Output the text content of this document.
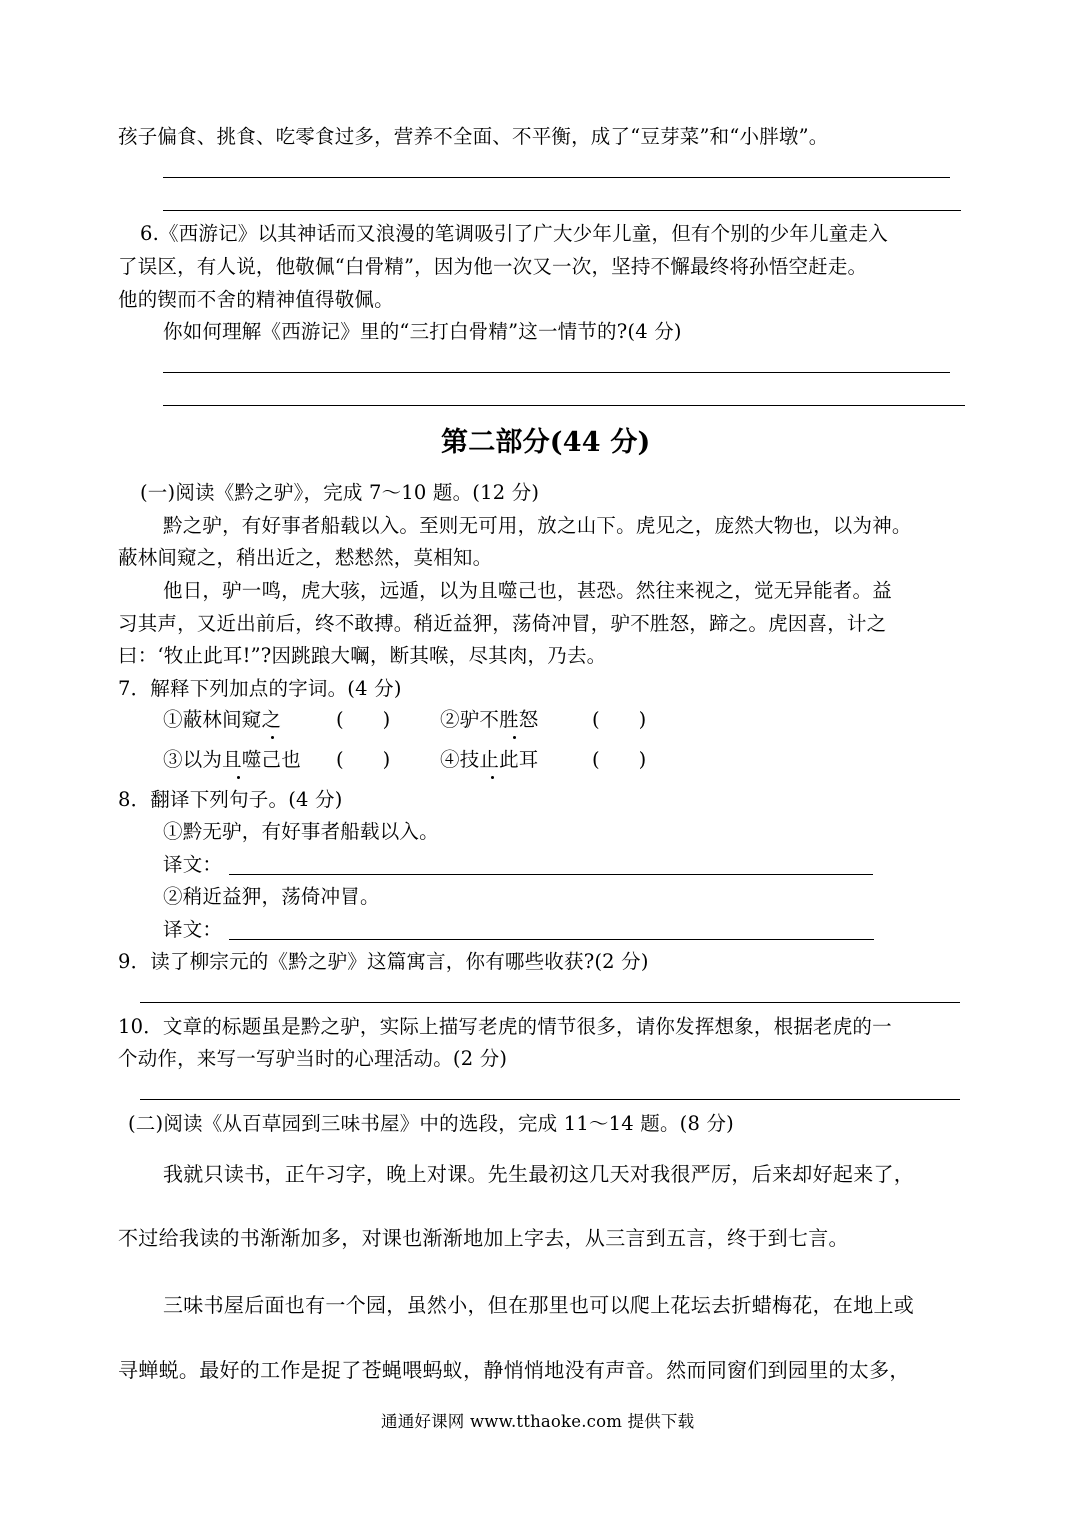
孩子偏食、挑食、吃零食过多，营养不全面、不平衡，成了“豆芽菜”和“小胖墩”。
6.《西游记》以其神话而又浪漫的笔调吸引了广大少年儿童，但有个别的少年儿童走入
了误区，有人说，他敬佩“白骨精”，因为他一次又一次，坚持不懈最终将孙悟空赶走。
他的锲而不舍的精神值得敬佩。
你如何理解《西游记》里的“三打白骨精”这一情节的?(4 分)
第二部分(44 分)
(一)阅读《黔之驴》，完成 7～10 题。(12 分)
黔之驴，有好事者船载以入。至则无可用，放之山下。虎见之，庞然大物也，以为神。
蔽林间窥之，稍出近之，慭慭然，莫相知。
他日，驴一鸣，虎大骇，远遁，以为且噬己也，甚恐。然往来视之，觉无异能者。益
习其声，又近出前后，终不敢搏。稍近益狎，荡倚冲冒，驴不胜怒，蹄之。虎因喜，计之
曰：‘牧止此耳!”?因跳踉大㘎，断其喉，尽其肉，乃去。
7．解释下列加点的字词。(4 分)
①蔽林间窥之	(　　)	②驴不胜怒	(　　)
③以为且噬己也 (　　)	④技止此耳	(　　)
8．翻译下列句子。(4 分)
①黔无驴，有好事者船载以入。
译文：
②稍近益狎，荡倚冲冒。
译文：
9．读了柳宗元的《黔之驴》这篇寓言，你有哪些收获?(2 分)
10．文章的标题虽是黔之驴，实际上描写老虎的情节很多，请你发挥想象，根据老虎的一
个动作，来写一写驴当时的心理活动。(2 分)
(二)阅读《从百草园到三味书屋》中的选段，完成 11～14 题。(8 分)
我就只读书，正午习字，晚上对课。先生最初这几天对我很严厉，后来却好起来了，
不过给我读的书渐渐加多，对课也渐渐地加上字去，从三言到五言，终于到七言。
三味书屋后面也有一个园，虽然小，但在那里也可以爬上花坛去折蜡梅花，在地上或
寻蝉蜕。最好的工作是捉了苍蝇喂蚂蚁，静悄悄地没有声音。然而同窗们到园里的太多，
通通好课网 www.tthaoke.com 提供下载
